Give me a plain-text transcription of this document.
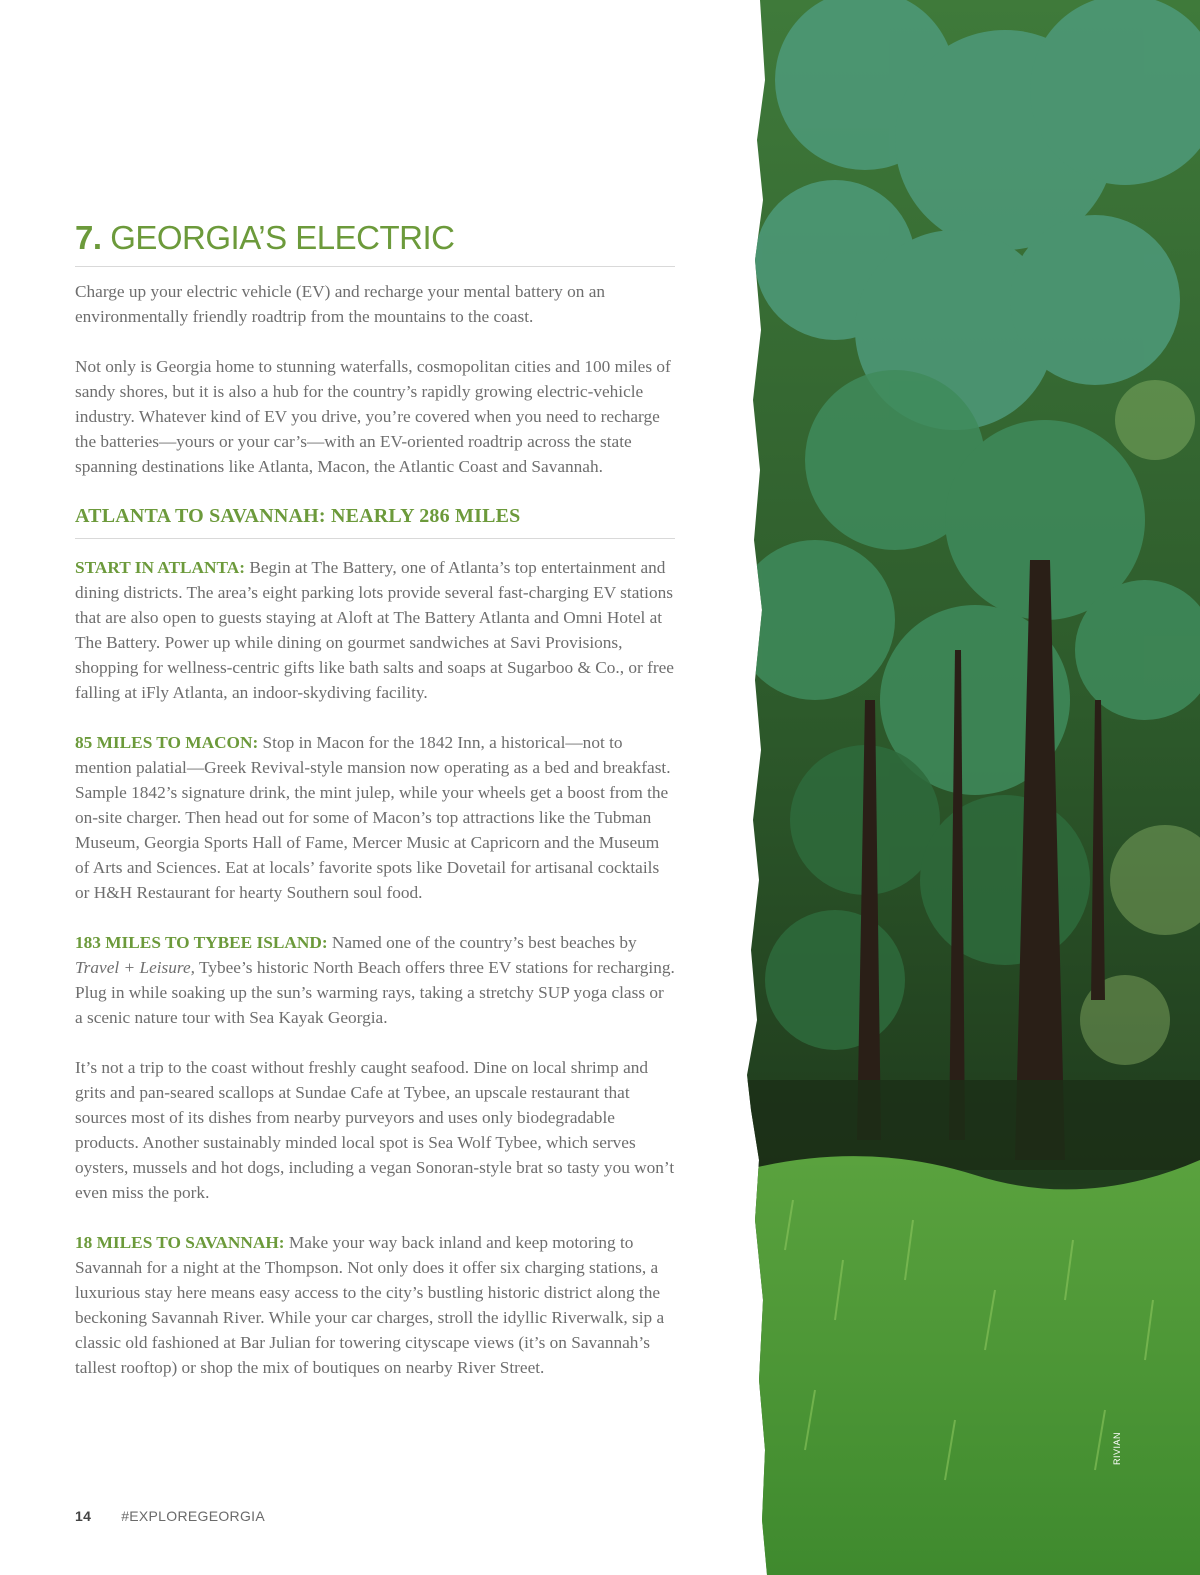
7. GEORGIA’S ELECTRIC

Charge up your electric vehicle (EV) and recharge your mental battery on an environmentally friendly roadtrip from the mountains to the coast.

Not only is Georgia home to stunning waterfalls, cosmopolitan cities and 100 miles of sandy shores, but it is also a hub for the country’s rapidly growing electric-vehicle industry. Whatever kind of EV you drive, you’re covered when you need to recharge the batteries—yours or your car’s—with an EV-oriented roadtrip across the state spanning destinations like Atlanta, Macon, the Atlantic Coast and Savannah.

ATLANTA TO SAVANNAH: NEARLY 286 MILES

START IN ATLANTA: Begin at The Battery, one of Atlanta’s top entertainment and dining districts. The area’s eight parking lots provide several fast-charging EV stations that are also open to guests staying at Aloft at The Battery Atlanta and Omni Hotel at The Battery. Power up while dining on gourmet sandwiches at Savi Provisions, shopping for wellness-centric gifts like bath salts and soaps at Sugarboo & Co., or free falling at iFly Atlanta, an indoor-skydiving facility.

85 MILES TO MACON: Stop in Macon for the 1842 Inn, a historical—not to mention palatial—Greek Revival-style mansion now operating as a bed and breakfast. Sample 1842’s signature drink, the mint julep, while your wheels get a boost from the on-site charger. Then head out for some of Macon’s top attractions like the Tubman Museum, Georgia Sports Hall of Fame, Mercer Music at Capricorn and the Museum of Arts and Sciences. Eat at locals’ favorite spots like Dovetail for artisanal cocktails or H&H Restaurant for hearty Southern soul food.

183 MILES TO TYBEE ISLAND: Named one of the country’s best beaches by Travel + Leisure, Tybee’s historic North Beach offers three EV stations for recharging. Plug in while soaking up the sun’s warming rays, taking a stretchy SUP yoga class or a scenic nature tour with Sea Kayak Georgia.

It’s not a trip to the coast without freshly caught seafood. Dine on local shrimp and grits and pan-seared scallops at Sundae Cafe at Tybee, an upscale restaurant that sources most of its dishes from nearby purveyors and uses only biodegradable products. Another sustainably minded local spot is Sea Wolf Tybee, which serves oysters, mussels and hot dogs, including a vegan Sonoran-style brat so tasty you won’t even miss the pork.

18 MILES TO SAVANNAH: Make your way back inland and keep motoring to Savannah for a night at the Thompson. Not only does it offer six charging stations, a luxurious stay here means easy access to the city’s bustling historic district along the beckoning Savannah River. While your car charges, stroll the idyllic Riverwalk, sip a classic old fashioned at Bar Julian for towering cityscape views (it’s on Savannah’s tallest rooftop) or shop the mix of boutiques on nearby River Street.

14 #EXPLOREGEORGIA
RIVIAN
